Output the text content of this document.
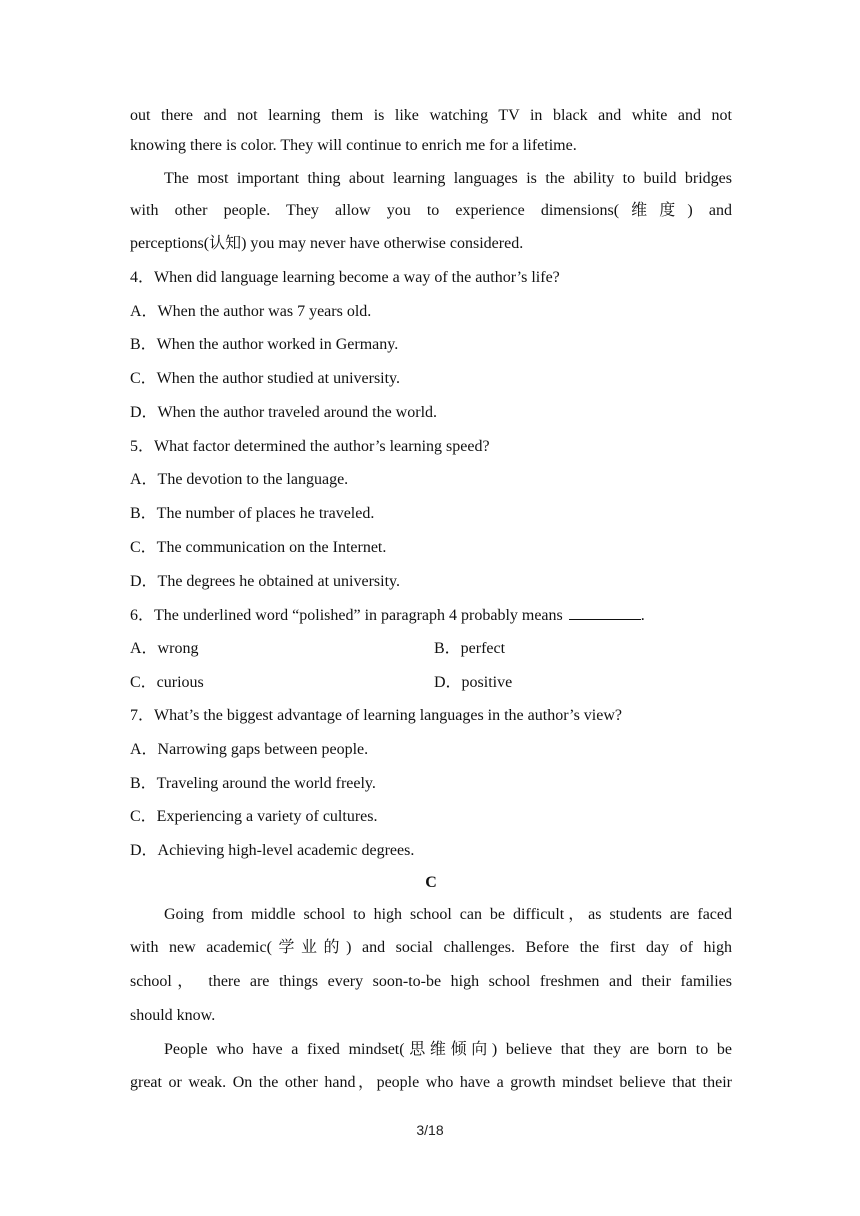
out there and not learning them is like watching TV in black and white and not
knowing there is color. They will continue to enrich me for a lifetime.
The most important thing about learning languages is the ability to build bridges
with other people. They allow you to experience dimensions(维度) and
perceptions(认知) you may never have otherwise considered.
4．When did language learning become a way of the author’s life?
A．When the author was 7 years old.
B．When the author worked in Germany.
C．When the author studied at university.
D．When the author traveled around the world.
5．What factor determined the author’s learning speed?
A．The devotion to the language.
B．The number of places he traveled.
C．The communication on the Internet.
D．The degrees he obtained at university.
6．The underlined word “polished” in paragraph 4 probably means	.
A．wrong	B．perfect
C．curious	D．positive
7．What’s the biggest advantage of learning languages in the author’s view?
A．Narrowing gaps between people.
B．Traveling around the world freely.
C．Experiencing a variety of cultures.
D．Achieving high-level academic degrees.
C
Going from middle school to high school can be difficult，as students are faced
with new academic(学业的) and social challenges. Before the first day of high
school， there are things every soon-to-be high school freshmen and their families
should know.
People who have a fixed mindset(思维倾向) believe that they are born to be
great or weak. On the other hand，people who have a growth mindset believe that their
3/18
